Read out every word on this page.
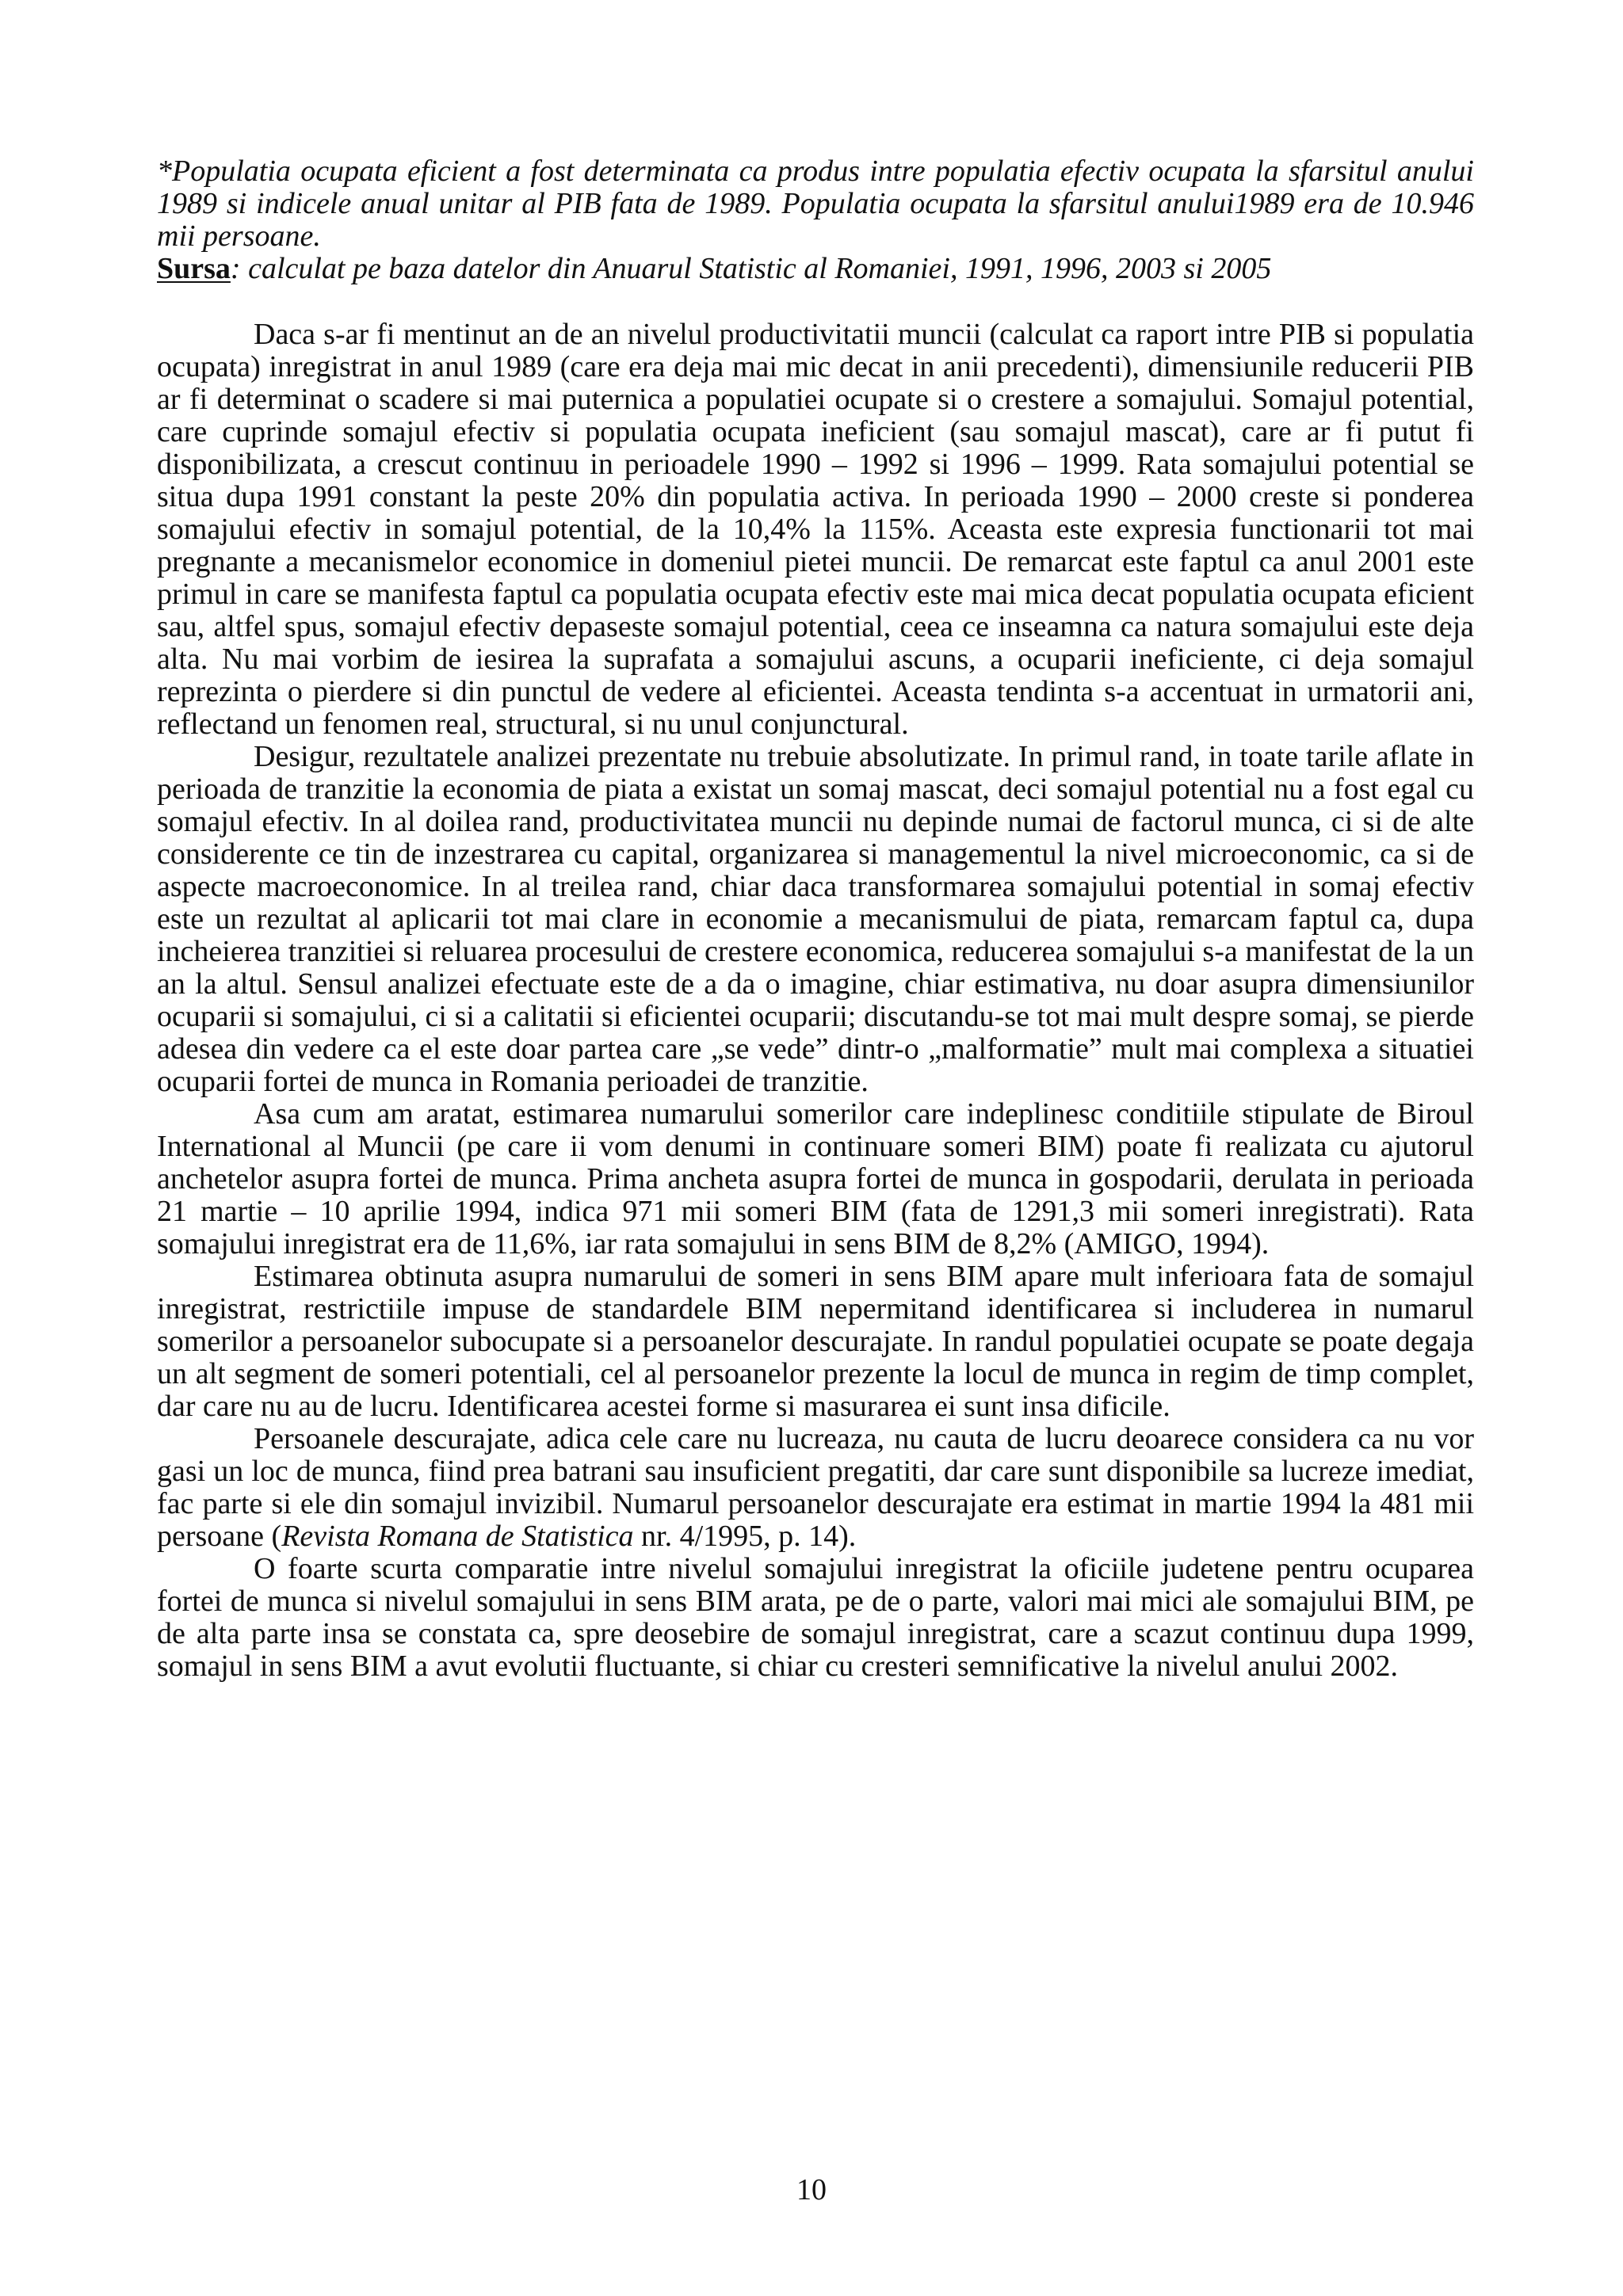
*Populatia ocupata eficient a fost determinata ca produs intre populatia efectiv ocupata la sfarsitul anului 1989 si indicele anual unitar al PIB fata de 1989. Populatia ocupata la sfarsitul anului1989 era de 10.946 mii persoane.

Sursa: calculat pe baza datelor din Anuarul Statistic al Romaniei, 1991, 1996, 2003 si 2005

Daca s-ar fi mentinut an de an nivelul productivitatii muncii (calculat ca raport intre PIB si populatia ocupata) inregistrat in anul 1989 (care era deja mai mic decat in anii precedenti), dimensiunile reducerii PIB ar fi determinat o scadere si mai puternica a populatiei ocupate si o crestere a somajului. Somajul potential, care cuprinde somajul efectiv si populatia ocupata ineficient (sau somajul mascat), care ar fi putut fi disponibilizata, a crescut continuu in perioadele 1990 – 1992 si 1996 – 1999. Rata somajului potential se situa dupa 1991 constant la peste 20% din populatia activa. In perioada 1990 – 2000 creste si ponderea somajului efectiv in somajul potential, de la 10,4% la 115%. Aceasta este expresia functionarii tot mai pregnante a mecanismelor economice in domeniul pietei muncii. De remarcat este faptul ca anul 2001 este primul in care se manifesta faptul ca populatia ocupata efectiv este mai mica decat populatia ocupata eficient sau, altfel spus, somajul efectiv depaseste somajul potential, ceea ce inseamna ca natura somajului este deja alta. Nu mai vorbim de iesirea la suprafata a somajului ascuns, a ocuparii ineficiente, ci deja somajul reprezinta o pierdere si din punctul de vedere al eficientei. Aceasta tendinta s-a accentuat in urmatorii ani, reflectand un fenomen real, structural, si nu unul conjunctural.

Desigur, rezultatele analizei prezentate nu trebuie absolutizate. In primul rand, in toate tarile aflate in perioada de tranzitie la economia de piata a existat un somaj mascat, deci somajul potential nu a fost egal cu somajul efectiv. In al doilea rand, productivitatea muncii nu depinde numai de factorul munca, ci si de alte considerente ce tin de inzestrarea cu capital, organizarea si managementul la nivel microeconomic, ca si de aspecte macroeconomice. In al treilea rand, chiar daca transformarea somajului potential in somaj efectiv este un rezultat al aplicarii tot mai clare in economie a mecanismului de piata, remarcam faptul ca, dupa incheierea tranzitiei si reluarea procesului de crestere economica, reducerea somajului s-a manifestat de la un an la altul. Sensul analizei efectuate este de a da o imagine, chiar estimativa, nu doar asupra dimensiunilor ocuparii si somajului, ci si a calitatii si eficientei ocuparii; discutandu-se tot mai mult despre somaj, se pierde adesea din vedere ca el este doar partea care „se vede” dintr-o „malformatie” mult mai complexa a situatiei ocuparii fortei de munca in Romania perioadei de tranzitie.

Asa cum am aratat, estimarea numarului somerilor care indeplinesc conditiile stipulate de Biroul International al Muncii (pe care ii vom denumi in continuare someri BIM) poate fi realizata cu ajutorul anchetelor asupra fortei de munca. Prima ancheta asupra fortei de munca in gospodarii, derulata in perioada 21 martie – 10 aprilie 1994, indica 971 mii someri BIM (fata de 1291,3 mii someri inregistrati). Rata somajului inregistrat era de 11,6%, iar rata somajului in sens BIM de 8,2% (AMIGO, 1994).

Estimarea obtinuta asupra numarului de someri in sens BIM apare mult inferioara fata de somajul inregistrat, restrictiile impuse de standardele BIM nepermitand identificarea si includerea in numarul somerilor a persoanelor subocupate si a persoanelor descurajate. In randul populatiei ocupate se poate degaja un alt segment de someri potentiali, cel al persoanelor prezente la locul de munca in regim de timp complet, dar care nu au de lucru. Identificarea acestei forme si masurarea ei sunt insa dificile.

Persoanele descurajate, adica cele care nu lucreaza, nu cauta de lucru deoarece considera ca nu vor gasi un loc de munca, fiind prea batrani sau insuficient pregatiti, dar care sunt disponibile sa lucreze imediat, fac parte si ele din somajul invizibil. Numarul persoanelor descurajate era estimat in martie 1994 la 481 mii persoane (Revista Romana de Statistica nr. 4/1995, p. 14).

O foarte scurta comparatie intre nivelul somajului inregistrat la oficiile judetene pentru ocuparea fortei de munca si nivelul somajului in sens BIM arata, pe de o parte, valori mai mici ale somajului BIM, pe de alta parte insa se constata ca, spre deosebire de somajul inregistrat, care a scazut continuu dupa 1999, somajul in sens BIM a avut evolutii fluctuante, si chiar cu cresteri semnificative la nivelul anului 2002.

10
